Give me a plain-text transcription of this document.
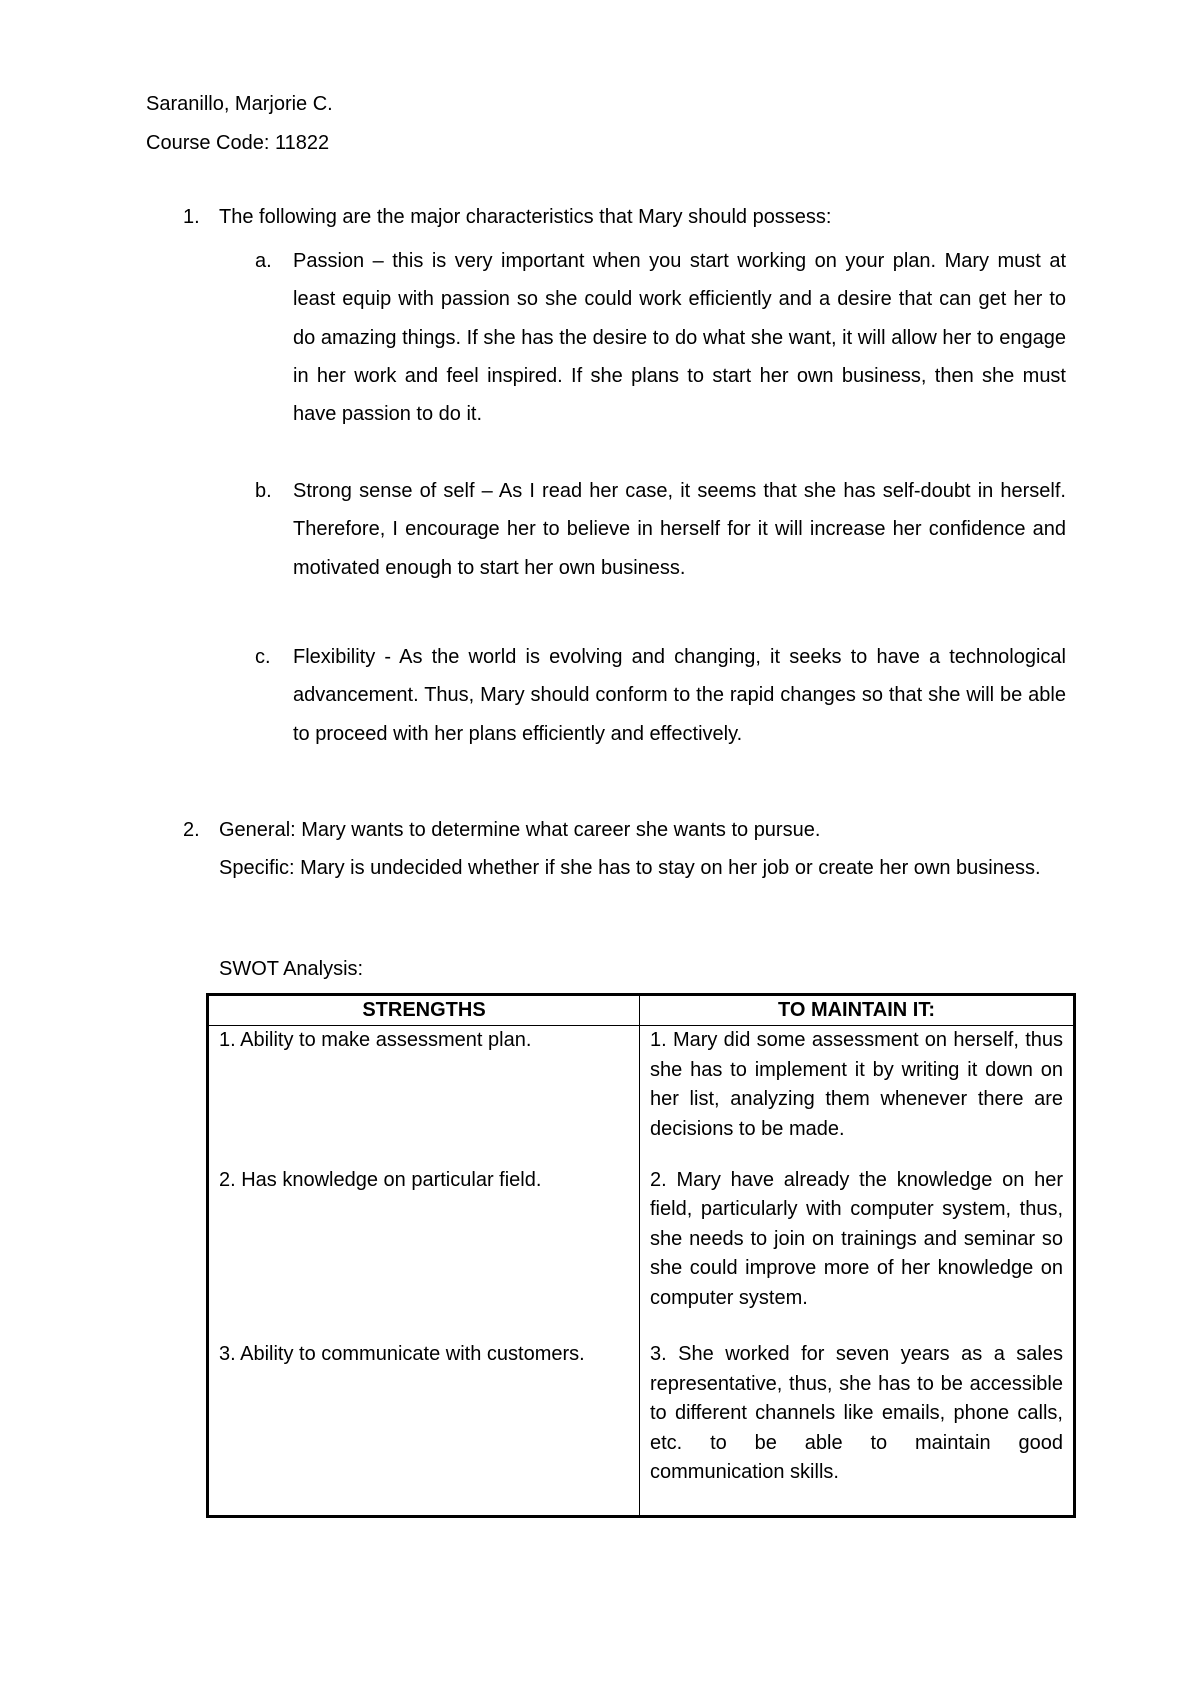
Saranillo, Marjorie C.
Course Code: 11822
1. The following are the major characteristics that Mary should possess:
a. Passion – this is very important when you start working on your plan. Mary must at least equip with passion so she could work efficiently and a desire that can get her to do amazing things. If she has the desire to do what she want, it will allow her to engage in her work and feel inspired. If she plans to start her own business, then she must have passion to do it.
b. Strong sense of self – As I read her case, it seems that she has self-doubt in herself. Therefore, I encourage her to believe in herself for it will increase her confidence and motivated enough to start her own business.
c. Flexibility - As the world is evolving and changing, it seeks to have a technological advancement. Thus, Mary should conform to the rapid changes so that she will be able to proceed with her plans efficiently and effectively.
2. General: Mary wants to determine what career she wants to pursue.
Specific: Mary is undecided whether if she has to stay on her job or create her own business.
SWOT Analysis:
STRENGTHS	TO MAINTAIN IT:
1. Ability to make assessment plan.	1. Mary did some assessment on herself, thus she has to implement it by writing it down on her list, analyzing them whenever there are decisions to be made.
2. Has knowledge on particular field.	2. Mary have already the knowledge on her field, particularly with computer system, thus, she needs to join on trainings and seminar so she could improve more of her knowledge on computer system.
3. Ability to communicate with customers.	3. She worked for seven years as a sales representative, thus, she has to be accessible to different channels like emails, phone calls, etc. to be able to maintain good communication skills.
